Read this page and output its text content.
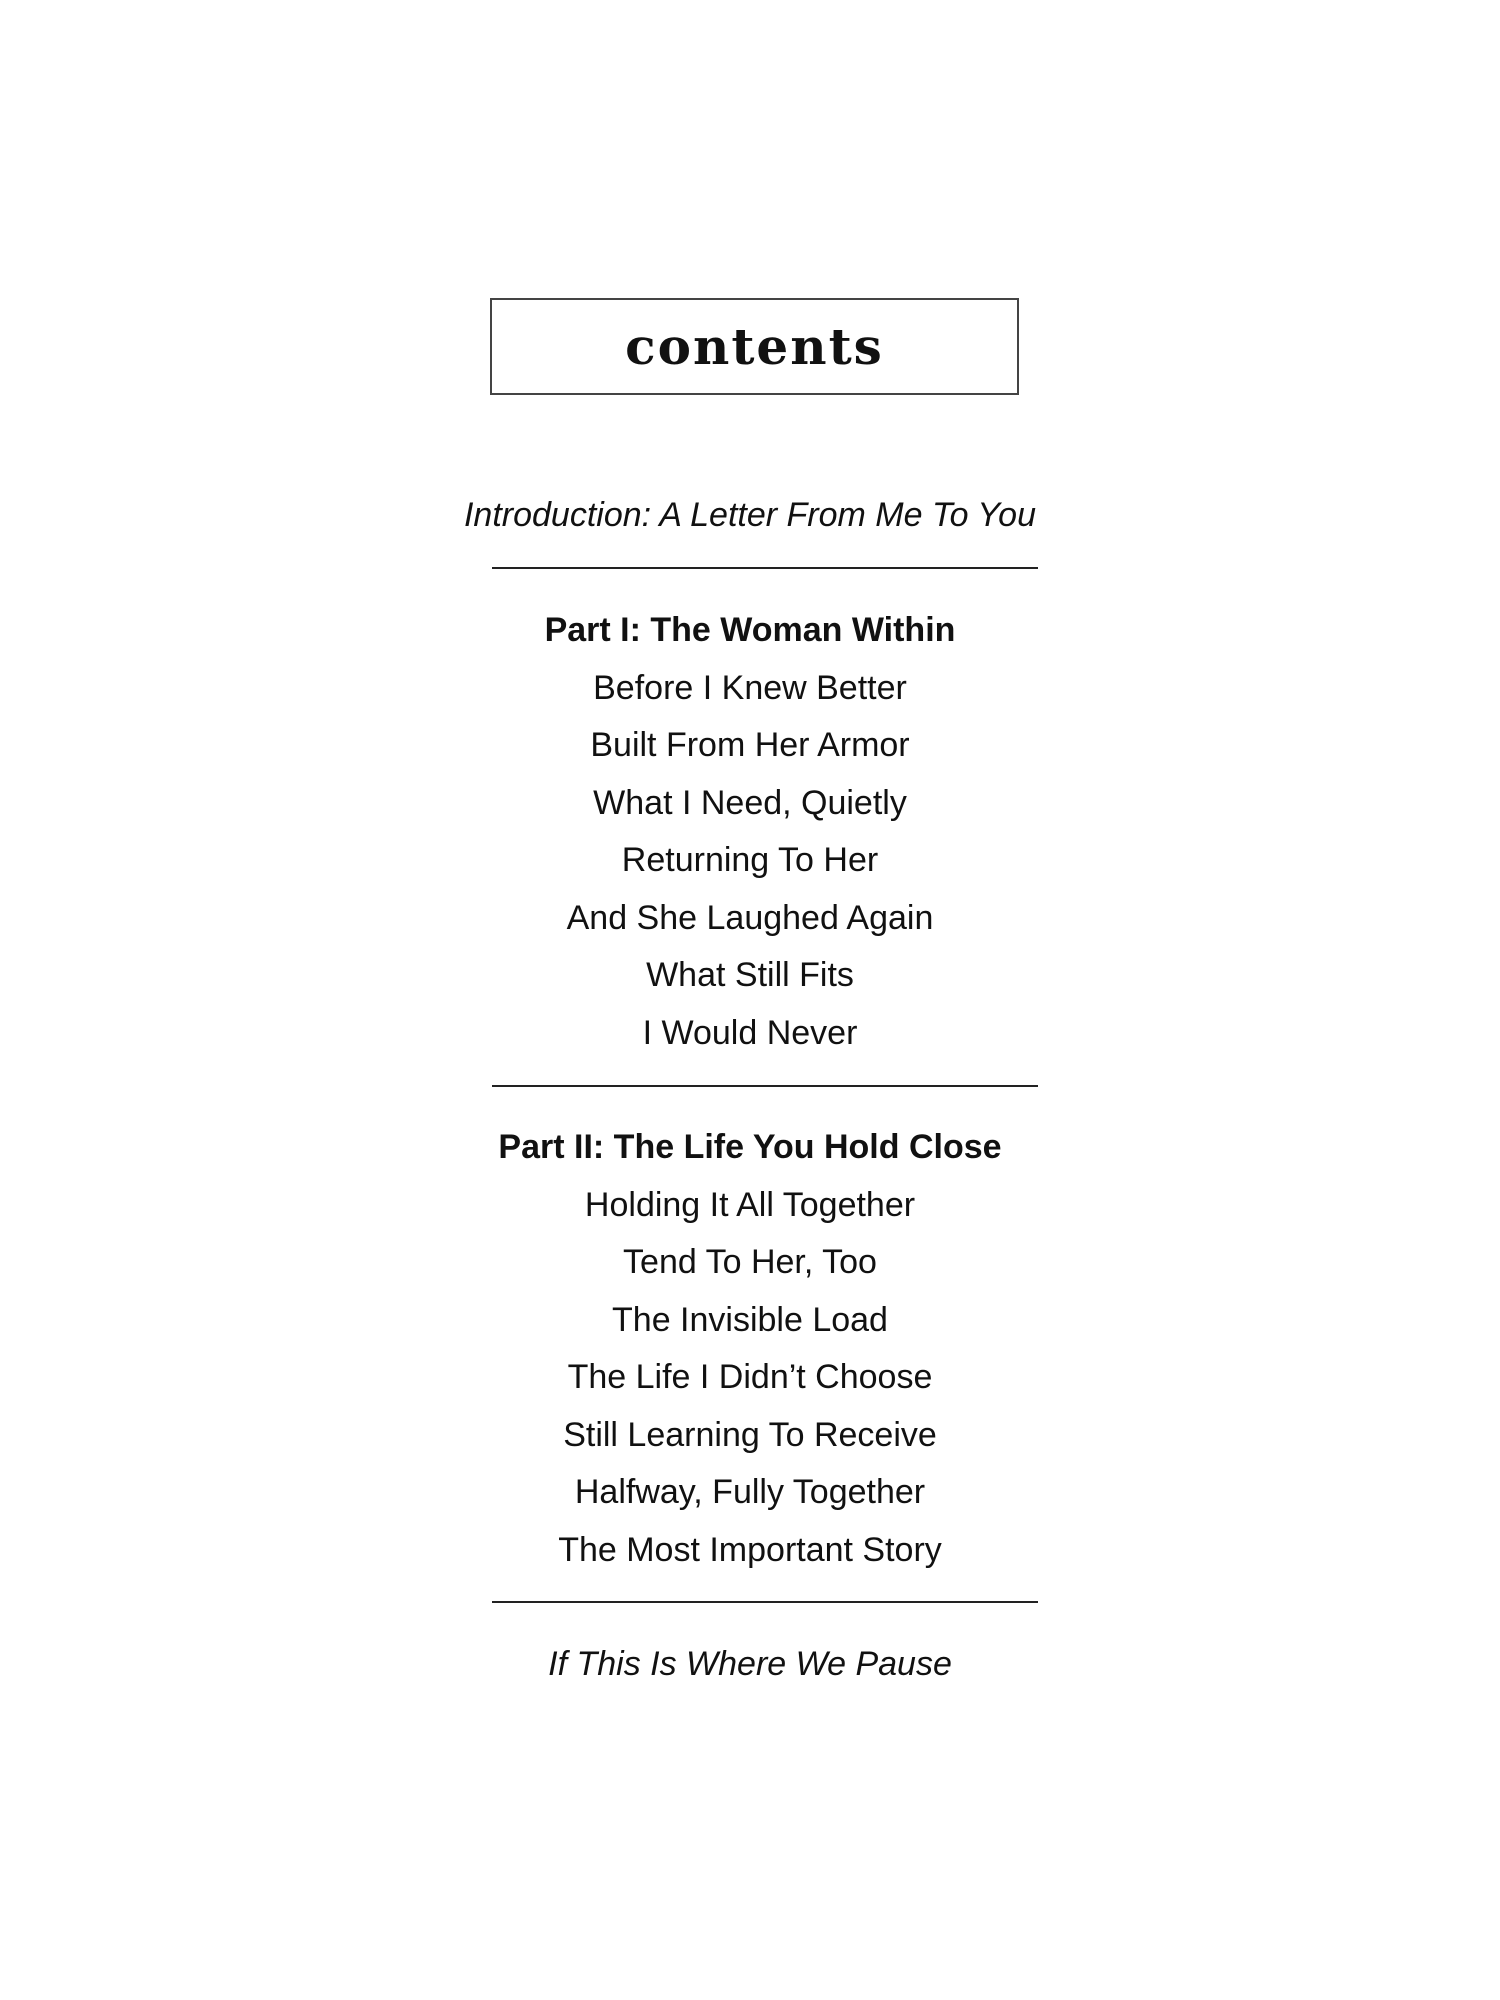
contents
Introduction: A Letter From Me To You
Part I: The Woman Within
Before I Knew Better
Built From Her Armor
What I Need, Quietly
Returning To Her
And She Laughed Again
What Still Fits
I Would Never
Part II: The Life You Hold Close
Holding It All Together
Tend To Her, Too
The Invisible Load
The Life I Didn’t Choose
Still Learning To Receive
Halfway, Fully Together
The Most Important Story
If This Is Where We Pause
